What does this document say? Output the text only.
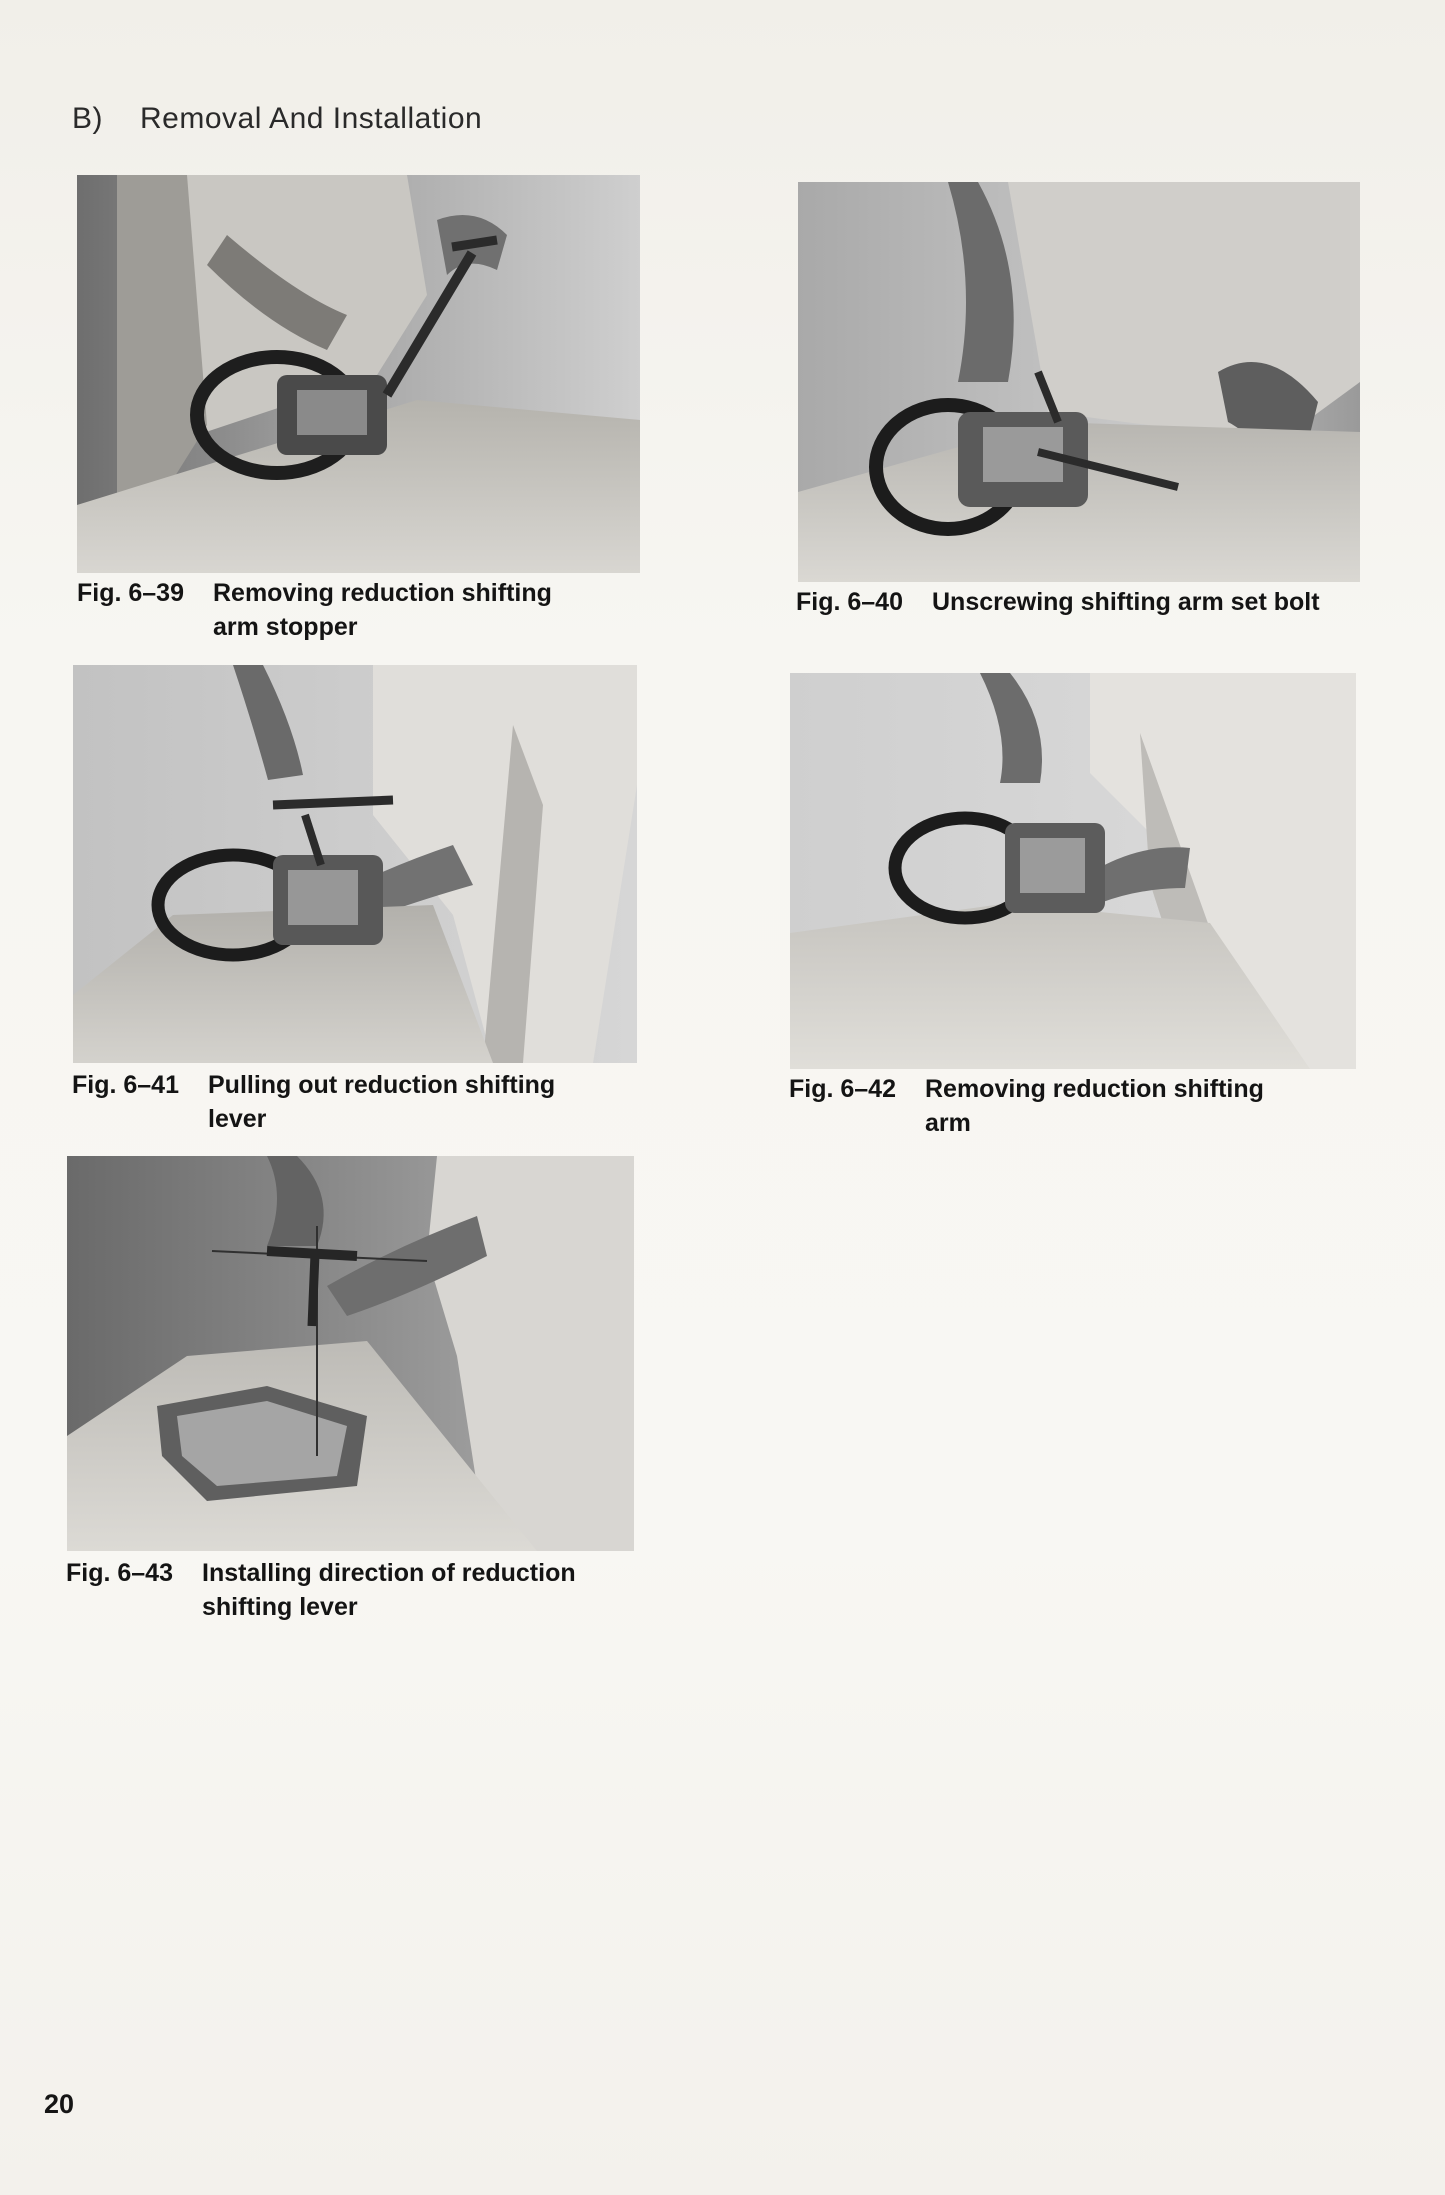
B) Removal And Installation
Fig. 6–39 Removing reduction shifting
arm stopper
Fig. 6–40 Unscrewing shifting arm set bolt
Fig. 6–41 Pulling out reduction shifting
lever
Fig. 6–42 Removing reduction shifting
arm
Fig. 6–43 Installing direction of reduction
shifting lever
20
